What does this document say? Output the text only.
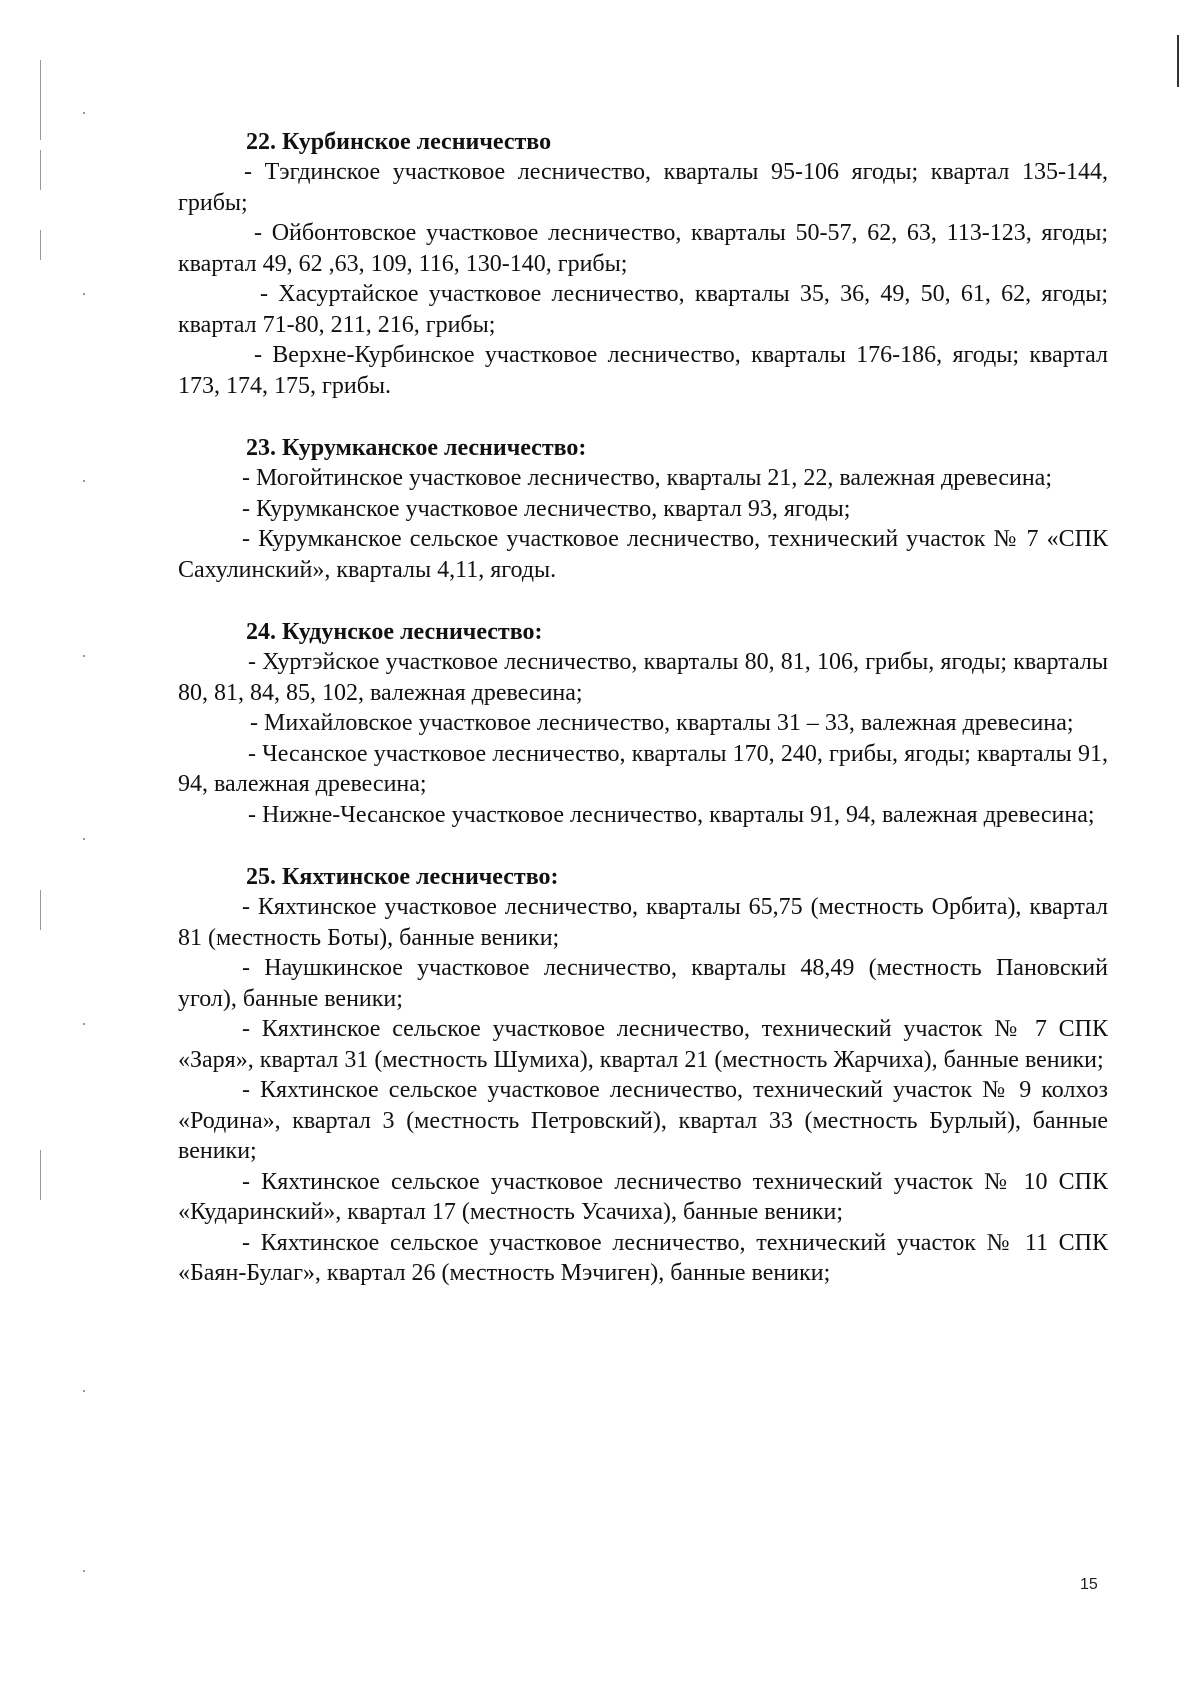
22. Курбинское лесничество

- Тэгдинское участковое лесничество, кварталы 95-106 ягоды; квартал 135-144, грибы;

- Ойбонтовское участковое лесничество, кварталы 50-57, 62, 63, 113-123, ягоды; квартал 49, 62 ,63, 109, 116, 130-140, грибы;

- Хасуртайское участковое лесничество, кварталы 35, 36, 49, 50, 61, 62, ягоды; квартал 71-80, 211, 216, грибы;

- Верхне-Курбинское участковое лесничество, кварталы 176-186, ягоды; квартал 173, 174, 175, грибы.

23. Курумканское лесничество:

- Могойтинское участковое лесничество, кварталы 21, 22, валежная древесина;

- Курумканское участковое лесничество, квартал 93, ягоды;

- Курумканское сельское участковое лесничество, технический участок № 7 «СПК Сахулинский», кварталы 4,11, ягоды.

24. Кудунское лесничество:

- Хуртэйское участковое лесничество, кварталы 80, 81, 106, грибы, ягоды; кварталы 80, 81, 84, 85, 102, валежная древесина;

- Михайловское участковое лесничество, кварталы 31 – 33, валежная древесина;

- Чесанское участковое лесничество, кварталы 170, 240, грибы, ягоды; кварталы 91, 94, валежная древесина;

- Нижне-Чесанское участковое лесничество, кварталы 91, 94, валежная древесина;

25. Кяхтинское лесничество:

- Кяхтинское участковое лесничество, кварталы 65,75 (местность Орбита), квартал 81 (местность Боты), банные веники;

- Наушкинское участковое лесничество, кварталы 48,49 (местность Пановский угол), банные веники;

- Кяхтинское сельское участковое лесничество, технический участок № 7 СПК «Заря», квартал 31 (местность Шумиха), квартал 21 (местность Жарчиха), банные веники;

- Кяхтинское сельское участковое лесничество, технический участок № 9 колхоз «Родина», квартал 3 (местность Петровский), квартал 33 (местность Бурлый), банные веники;

- Кяхтинское сельское участковое лесничество технический участок № 10 СПК «Кударинский», квартал 17 (местность Усачиха), банные веники;

- Кяхтинское сельское участковое лесничество, технический участок № 11 СПК «Баян-Булаг», квартал 26 (местность Мэчиген), банные веники;

15
